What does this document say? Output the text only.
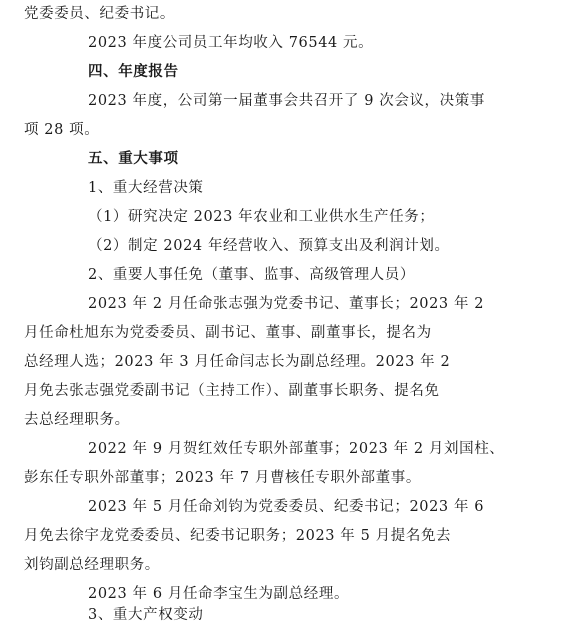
党委委员、纪委书记。
2023 年度公司员工年均收入 76544 元。
四、年度报告
2023 年度，公司第一届董事会共召开了 9 次会议，决策事
项 28 项。
五、重大事项
1、重大经营决策
（1）研究决定 2023 年农业和工业供水生产任务；
（2）制定 2024 年经营收入、预算支出及利润计划。
2、重要人事任免（董事、监事、高级管理人员）
2023 年 2 月任命张志强为党委书记、董事长；2023 年 2
月任命杜旭东为党委委员、副书记、董事、副董事长，提名为
总经理人选；2023 年 3 月任命闫志长为副总经理。2023 年 2
月免去张志强党委副书记（主持工作）、副董事长职务、提名免
去总经理职务。
2022 年 9 月贺红效任专职外部董事；2023 年 2 月刘国柱、
彭东任专职外部董事；2023 年 7 月曹核任专职外部董事。
2023 年 5 月任命刘钧为党委委员、纪委书记；2023 年 6
月免去徐宇龙党委委员、纪委书记职务；2023 年 5 月提名免去
刘钧副总经理职务。
2023 年 6 月任命李宝生为副总经理。
3、重大产权变动
